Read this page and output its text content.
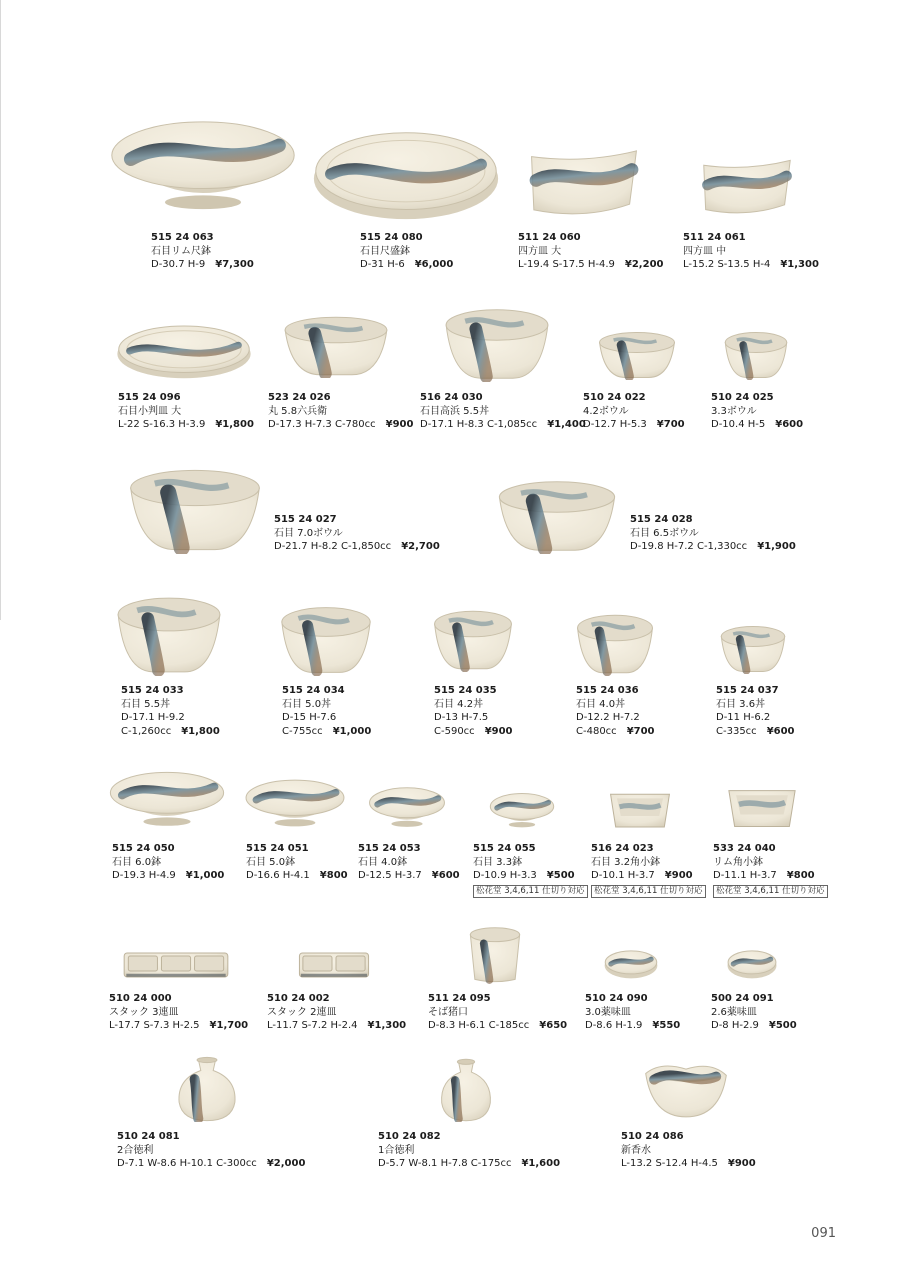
515 24 063
石目リム尺鉢
D-30.7 H-9 ¥7,300
515 24 080
石目尺盛鉢
D-31 H-6 ¥6,000
511 24 060
四方皿 大
L-19.4 S-17.5 H-4.9 ¥2,200
511 24 061
四方皿 中
L-15.2 S-13.5 H-4 ¥1,300
515 24 096
石目小判皿 大
L-22 S-16.3 H-3.9 ¥1,800
523 24 026
丸 5.8六兵衛
D-17.3 H-7.3 C-780cc ¥900
516 24 030
石目高浜 5.5丼
D-17.1 H-8.3 C-1,085cc ¥1,400
510 24 022
4.2ボウル
D-12.7 H-5.3 ¥700
510 24 025
3.3ボウル
D-10.4 H-5 ¥600
515 24 027
石目 7.0ボウル
D-21.7 H-8.2 C-1,850cc ¥2,700
515 24 028
石目 6.5ボウル
D-19.8 H-7.2 C-1,330cc ¥1,900
515 24 033
石目 5.5丼
D-17.1 H-9.2
C-1,260cc ¥1,800
515 24 034
石目 5.0丼
D-15 H-7.6
C-755cc ¥1,000
515 24 035
石目 4.2丼
D-13 H-7.5
C-590cc ¥900
515 24 036
石目 4.0丼
D-12.2 H-7.2
C-480cc ¥700
515 24 037
石目 3.6丼
D-11 H-6.2
C-335cc ¥600
515 24 050
石目 6.0鉢
D-19.3 H-4.9 ¥1,000
515 24 051
石目 5.0鉢
D-16.6 H-4.1 ¥800
515 24 053
石目 4.0鉢
D-12.5 H-3.7 ¥600
515 24 055
石目 3.3鉢
D-10.9 H-3.3 ¥500
松花堂 3,4,6,11 仕切り対応
516 24 023
石目 3.2角小鉢
D-10.1 H-3.7 ¥900
松花堂 3,4,6,11 仕切り対応
533 24 040
リム角小鉢
D-11.1 H-3.7 ¥800
松花堂 3,4,6,11 仕切り対応
510 24 000
スタック 3連皿
L-17.7 S-7.3 H-2.5 ¥1,700
510 24 002
スタック 2連皿
L-11.7 S-7.2 H-2.4 ¥1,300
511 24 095
そば猪口
D-8.3 H-6.1 C-185cc ¥650
510 24 090
3.0薬味皿
D-8.6 H-1.9 ¥550
500 24 091
2.6薬味皿
D-8 H-2.9 ¥500
510 24 081
2合徳利
D-7.1 W-8.6 H-10.1 C-300cc ¥2,000
510 24 082
1合徳利
D-5.7 W-8.1 H-7.8 C-175cc ¥1,600
510 24 086
新香水
L-13.2 S-12.4 H-4.5 ¥900
091
